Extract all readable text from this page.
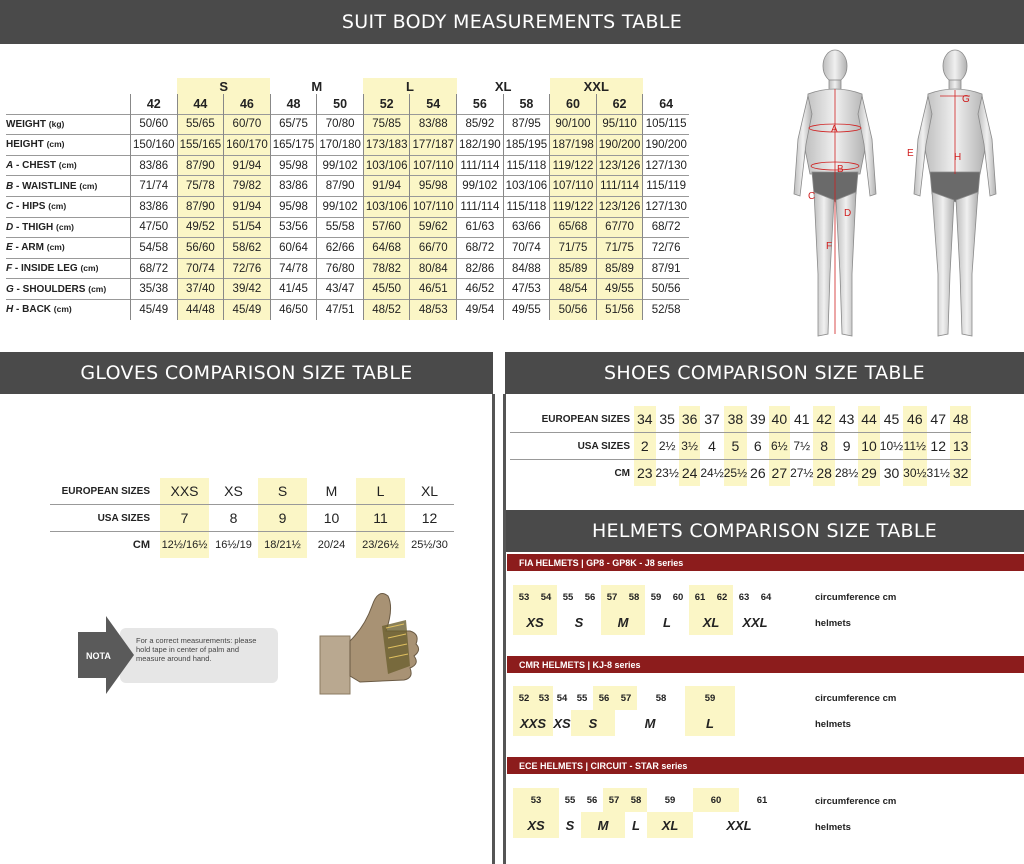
SUIT BODY MEASUREMENTS TABLE
GLOVES COMPARISON SIZE TABLE	SHOES COMPARISON SIZE TABLE
HELMETS COMPARISON SIZE TABLE
		S		M		L		XL		XXL		
	42	44	46	48	50	52	54	56	58	60	62	64
WEIGHT (kg)	50/60	55/65	60/70	65/75	70/80	75/85	83/88	85/92	87/95	90/100	95/110	105/115
HEIGHT (cm)	150/160	155/165	160/170	165/175	170/180	173/183	177/187	182/190	185/195	187/198	190/200	190/200
A - CHEST (cm)	83/86	87/90	91/94	95/98	99/102	103/106	107/110	111/114	115/118	119/122	123/126	127/130
B - WAISTLINE (cm)	71/74	75/78	79/82	83/86	87/90	91/94	95/98	99/102	103/106	107/110	111/114	115/119
C - HIPS (cm)	83/86	87/90	91/94	95/98	99/102	103/106	107/110	111/114	115/118	119/122	123/126	127/130
D - THIGH (cm)	47/50	49/52	51/54	53/56	55/58	57/60	59/62	61/63	63/66	65/68	67/70	68/72
E - ARM (cm)	54/58	56/60	58/62	60/64	62/66	64/68	66/70	68/72	70/74	71/75	71/75	72/76
F - INSIDE LEG (cm)	68/72	70/74	72/76	74/78	76/80	78/82	80/84	82/86	84/88	85/89	85/89	87/91
G - SHOULDERS (cm)	35/38	37/40	39/42	41/45	43/47	45/50	46/51	46/52	47/53	48/54	49/55	50/56
H - BACK (cm)	45/49	44/48	45/49	46/50	47/51	48/52	48/53	49/54	49/55	50/56	51/56	52/58
A
B
C
D
F
G
E	H
EUROPEAN SIZES	XXS	XS	S	M	L	XL
USA SIZES	7	8	9	10	11	12
CM	12½/16½	16½/19	18/21½	20/24	23/26½	25½/30
For a correct measurements: please hold tape in center of palm and measure around hand.
NOTA
EUROPEAN SIZES	34	35	36	37	38	39	40	41	42	43	44	45	46	47	48
USA SIZES	2	2½	3½	4	5	6	6½	7½	8	9	10	10½	11½	12	13
CM	23	23½	24	24½	25½	26	27	27½	28	28½	29	30	30½	31½	32
FIA HELMETS | GP8 - GP8K - J8 series
53	54	55	56	57	58	59	60	61	62	63	64
XS		S		M		L		XL		XXL	
circumference cm
helmets
CMR HELMETS | KJ-8 series
52	53	54	55	56	57	58	59
XXS		XS	S		M		L
circumference cm
helmets
ECE HELMETS | CIRCUIT - STAR series
53	55	56	57	58	59	60	61
XS	S	M		L	XL	XXL	
circumference cm
helmets
